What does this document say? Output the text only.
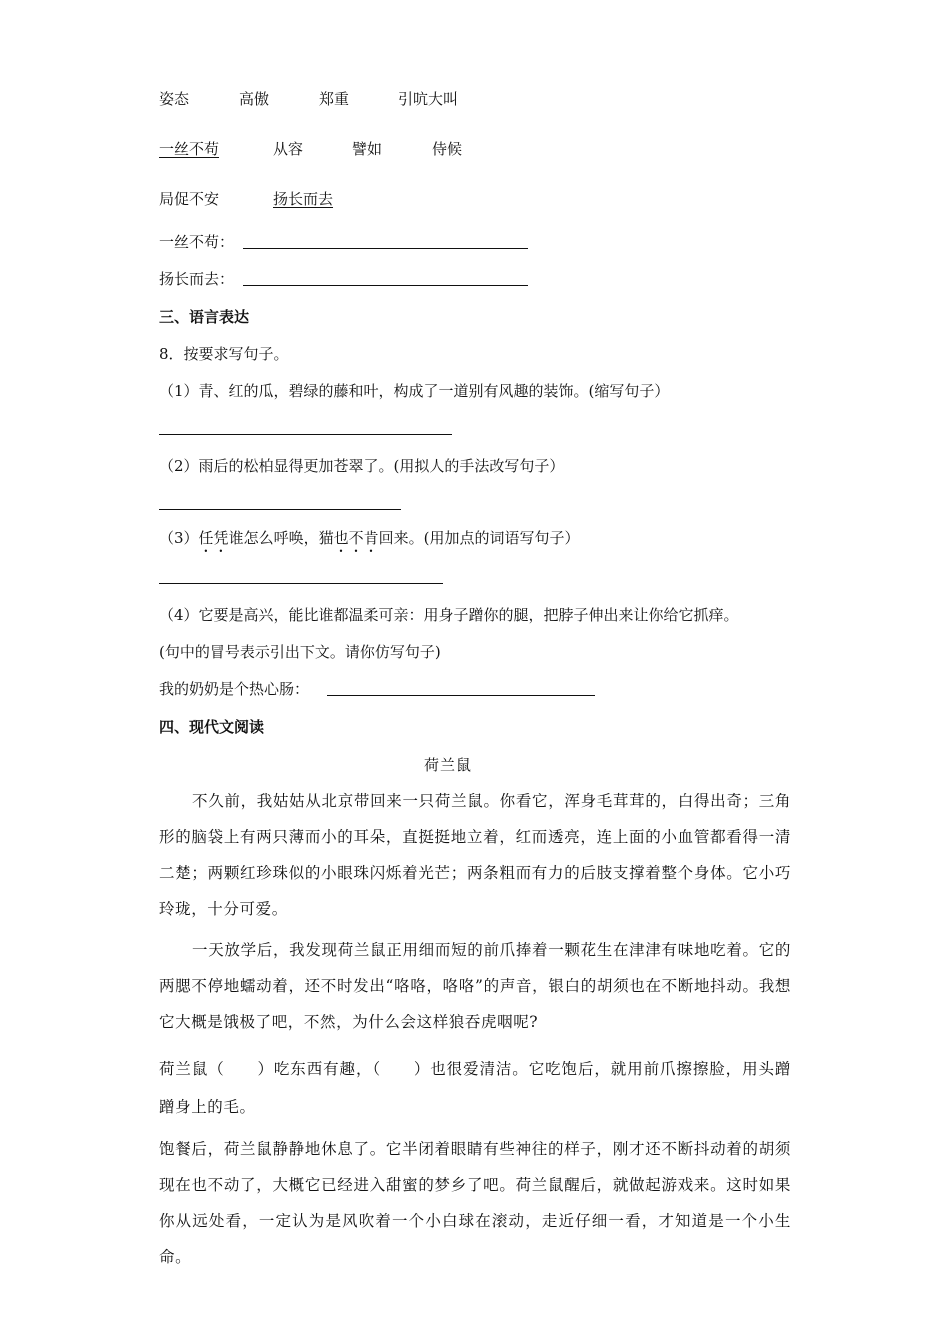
姿态	高傲	郑重	引吭大叫
一丝不苟	从容	譬如	侍候
局促不安	扬长而去
一丝不苟：
扬长而去：
三、语言表达
8．按要求写句子。
（1）青、红的瓜，碧绿的藤和叶，构成了一道别有风趣的装饰。(缩写句子）
（2）雨后的松柏显得更加苍翠了。(用拟人的手法改写句子）
（3）任凭谁怎么呼唤，猫也不肯回来。(用加点的词语写句子）
（4）它要是高兴，能比谁都温柔可亲：用身子蹭你的腿，把脖子伸出来让你给它抓痒。
(句中的冒号表示引出下文。请你仿写句子)
我的奶奶是个热心肠：
四、现代文阅读
荷兰鼠
不久前，我姑姑从北京带回来一只荷兰鼠。你看它，浑身毛茸茸的，白得出奇；三角形的脑袋上有两只薄而小的耳朵，直挺挺地立着，红而透亮，连上面的小血管都看得一清二楚；两颗红珍珠似的小眼珠闪烁着光芒；两条粗而有力的后肢支撑着整个身体。它小巧玲珑，十分可爱。
一天放学后，我发现荷兰鼠正用细而短的前爪捧着一颗花生在津津有味地吃着。它的两腮不停地蠕动着，还不时发出“咯咯，咯咯”的声音，银白的胡须也在不断地抖动。我想它大概是饿极了吧，不然，为什么会这样狼吞虎咽呢?
荷兰鼠（　　）吃东西有趣，（　　）也很爱清洁。它吃饱后，就用前爪擦擦脸，用头蹭蹭身上的毛。
饱餐后，荷兰鼠静静地休息了。它半闭着眼睛有些神往的样子，刚才还不断抖动着的胡须现在也不动了，大概它已经进入甜蜜的梦乡了吧。荷兰鼠醒后，就做起游戏来。这时如果你从远处看，一定认为是风吹着一个小白球在滚动，走近仔细一看，才知道是一个小生命。
